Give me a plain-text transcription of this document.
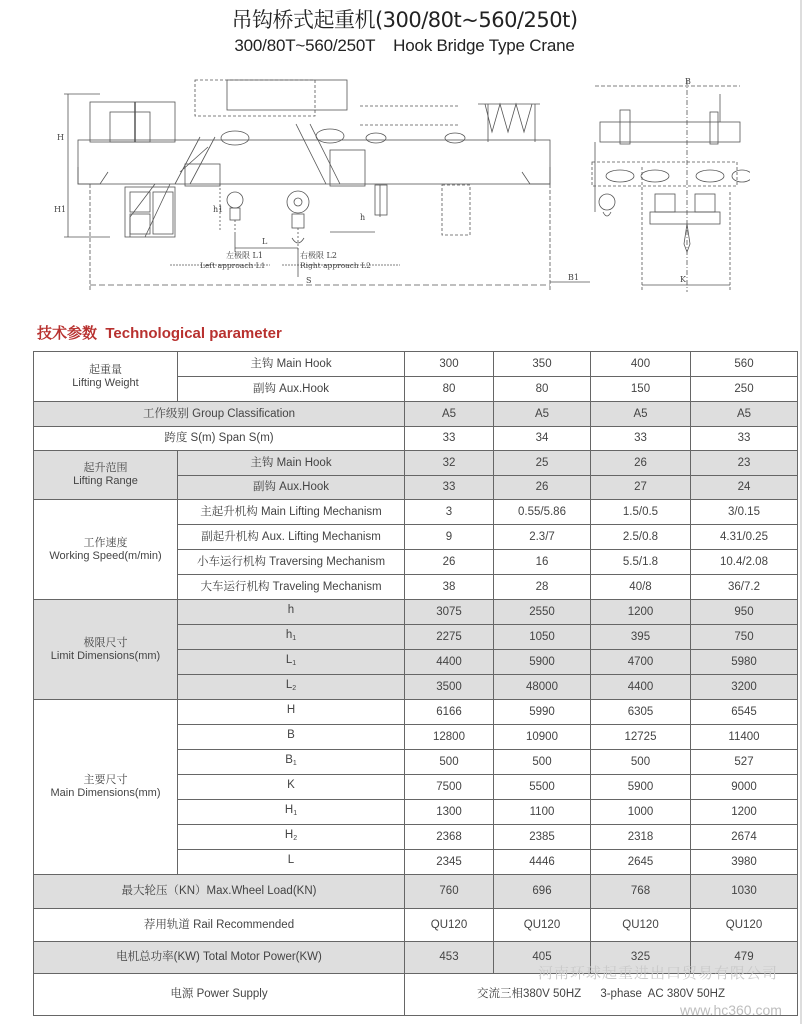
吊钩桥式起重机(300/80t~560/250t)
300/80T~560/250T    Hook Bridge Type Crane
H
H1	h1
h
L
S
B
B1	K
左极限 L1	右极限 L2
Left approach L1	Right approach L2
技术参数  Technological parameter
起重量
Lifting Weight	主钩 Main Hook	300	350	400	560
	副钩 Aux.Hook	80	80	150	250
工作级别 Group Classification		A5	A5	A5	A5
跨度 S(m) Span S(m)		33	34	33	33
起升范围
Lifting Range	主钩 Main Hook	32	25	26	23
	副钩 Aux.Hook	33	26	27	24
工作速度
Working Speed(m/min)	主起升机构 Main Lifting Mechanism	3	0.55/5.86	1.5/0.5	3/0.15
	副起升机构 Aux. Lifting Mechanism	9	2.3/7	2.5/0.8	4.31/0.25
	小车运行机构 Traversing Mechanism	26	16	5.5/1.8	10.4/2.08
	大车运行机构 Traveling Mechanism	38	28	40/8	36/7.2
极限尺寸
Limit Dimensions(mm)	h	3075	2550	1200	950
	$h_1$	2275	1050	395	750
	$L_1$	4400	5900	4700	5980
	$L_2$	3500	48000	4400	3200
主要尺寸
Main Dimensions(mm)	H	6166	5990	6305	6545
	B	12800	10900	12725	11400
	$B_1$	500	500	500	527
	K	7500	5500	5900	9000
	$H_1$	1300	1100	1000	1200
	$H_2$	2368	2385	2318	2674
	L	2345	4446	2645	3980
最大轮压（KN）Max.Wheel Load(KN)		760	696	768	1030
荐用轨道 Rail Recommended		QU120	QU120	QU120	QU120
电机总功率(KW) Total Motor Power(KW)		453	405	325	479
电源 Power Supply		交流三相380V 50HZ      3-phase  AC 380V 50HZ			
河南环球起重进出口贸易有限公司
www.hc360.com
